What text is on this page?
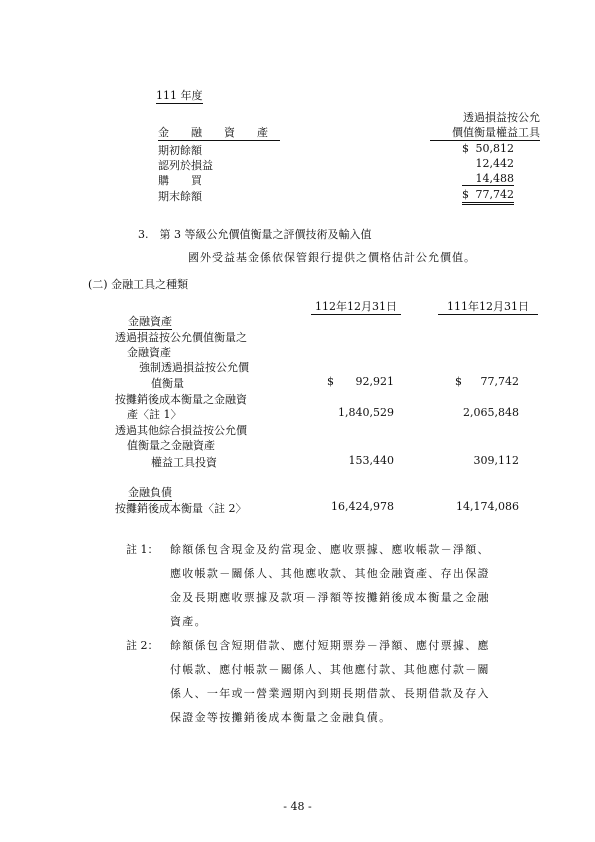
111 年度
透過損益按公允
價值衡量權益工具
金　　融　　資　　產
期初餘額	$ 50,812
認列於損益	12,442
購　　買	14,488
期末餘額	$ 77,742
3.　第 3 等級公允價值衡量之評價技術及輸入值
國外受益基金係依保管銀行提供之價格估計公允價值。
(二) 金融工具之種類
112年12月31日	111年12月31日
金融資產
透過損益按公允價值衡量之
金融資產
強制透過損益按公允價
值衡量	$	92,921	$	77,742
按攤銷後成本衡量之金融資
產〈註 1〉	1,840,529	2,065,848
透過其他綜合損益按公允價
值衡量之金融資產
權益工具投資	153,440	309,112
金融負債
按攤銷後成本衡量〈註 2〉	16,424,978	14,174,086
註 1： 餘額係包含現金及約當現金、應收票據、應收帳款－淨額、
應收帳款－關係人、其他應收款、其他金融資產、存出保證
金及長期應收票據及款項－淨額等按攤銷後成本衡量之金融
資產。
註 2： 餘額係包含短期借款、應付短期票券－淨額、應付票據、應
付帳款、應付帳款－關係人、其他應付款、其他應付款－關
係人、一年或一營業週期內到期長期借款、長期借款及存入
保證金等按攤銷後成本衡量之金融負債。
- 48 -
